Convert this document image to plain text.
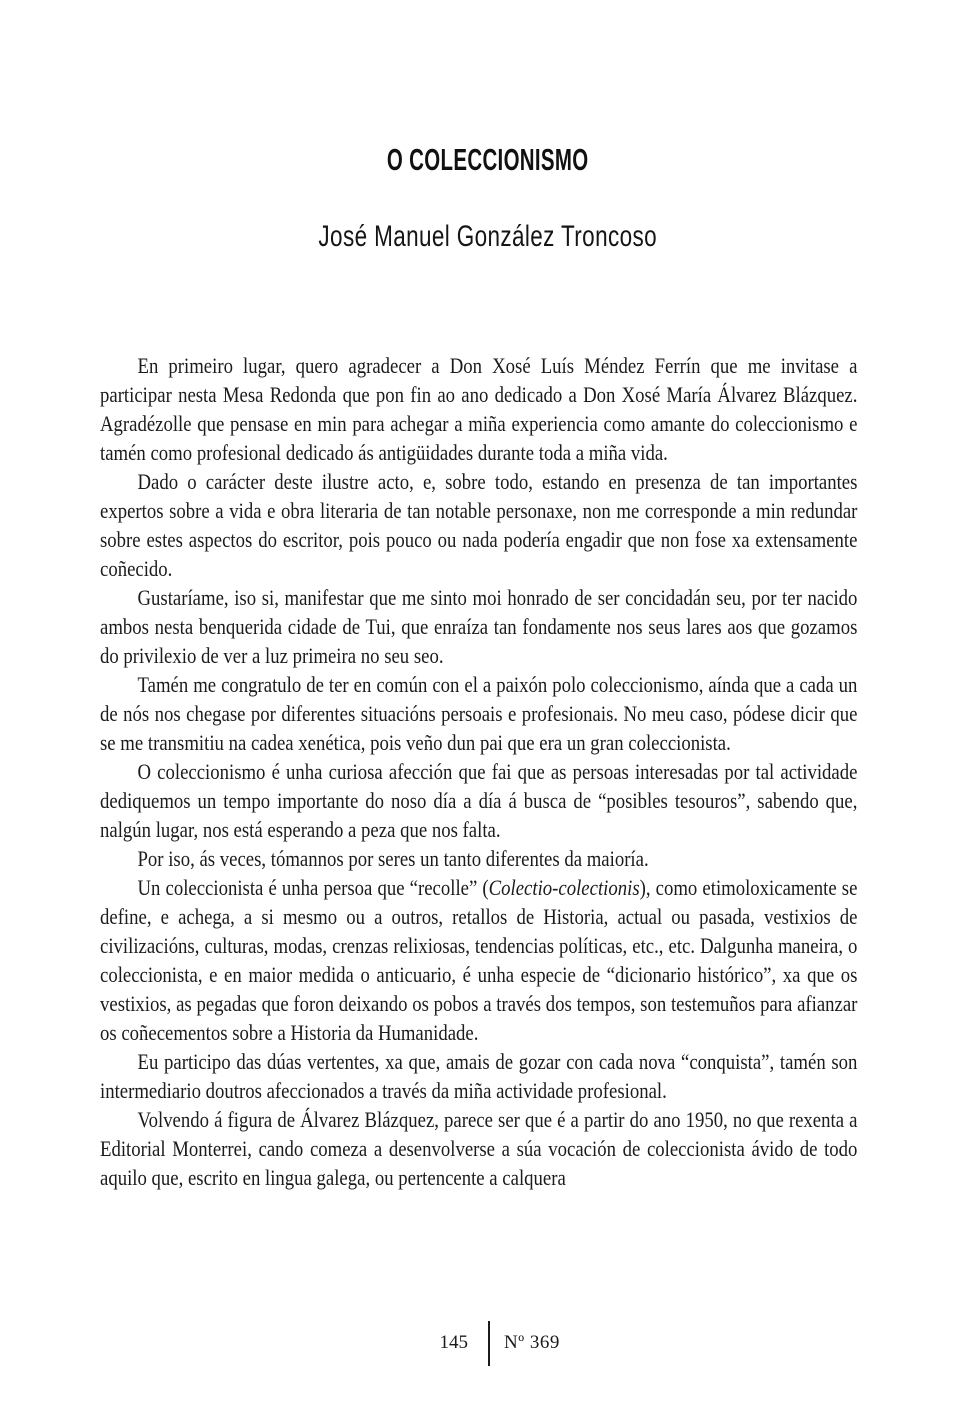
O COLECCIONISMO
José Manuel González Troncoso

En primeiro lugar, quero agradecer a Don Xosé Luís Méndez Ferrín que me invitase a participar nesta Mesa Redonda que pon fin ao ano dedicado a Don Xosé María Álvarez Blázquez. Agradézolle que pensase en min para achegar a miña experiencia como amante do coleccionismo e tamén como profesional dedicado ás antigüidades durante toda a miña vida.

Dado o carácter deste ilustre acto, e, sobre todo, estando en presenza de tan importantes expertos sobre a vida e obra literaria de tan notable personaxe, non me corresponde a min redundar sobre estes aspectos do escritor, pois pouco ou nada podería engadir que non fose xa extensamente coñecido.

Gustaríame, iso si, manifestar que me sinto moi honrado de ser concidadán seu, por ter nacido ambos nesta benquerida cidade de Tui, que enraíza tan fondamente nos seus lares aos que gozamos do privilexio de ver a luz primeira no seu seo.

Tamén me congratulo de ter en común con el a paixón polo coleccionismo, aínda que a cada un de nós nos chegase por diferentes situacións persoais e profesionais. No meu caso, pódese dicir que se me transmitiu na cadea xenética, pois veño dun pai que era un gran coleccionista.

O coleccionismo é unha curiosa afección que fai que as persoas interesadas por tal actividade dediquemos un tempo importante do noso día a día á busca de “posibles tesouros”, sabendo que, nalgún lugar, nos está esperando a peza que nos falta.

Por iso, ás veces, tómannos por seres un tanto diferentes da maioría.

Un coleccionista é unha persoa que “recolle” (Colectio-colectionis), como etimoloxicamente se define, e achega, a si mesmo ou a outros, retallos de Historia, actual ou pasada, vestixios de civilizacións, culturas, modas, crenzas relixiosas, tendencias políticas, etc., etc. Dalgunha maneira, o coleccionista, e en maior medida o anticuario, é unha especie de “dicionario histórico”, xa que os vestixios, as pegadas que foron deixando os pobos a través dos tempos, son testemuños para afianzar os coñecementos sobre a Historia da Humanidade.

Eu participo das dúas vertentes, xa que, amais de gozar con cada nova “conquista”, tamén son intermediario doutros afeccionados a través da miña actividade profesional.

Volvendo á figura de Álvarez Blázquez, parece ser que é a partir do ano 1950, no que rexenta a Editorial Monterrei, cando comeza a desenvolverse a súa vocación de coleccionista ávido de todo aquilo que, escrito en lingua galega, ou pertencente a calquera

145 Nº 369
